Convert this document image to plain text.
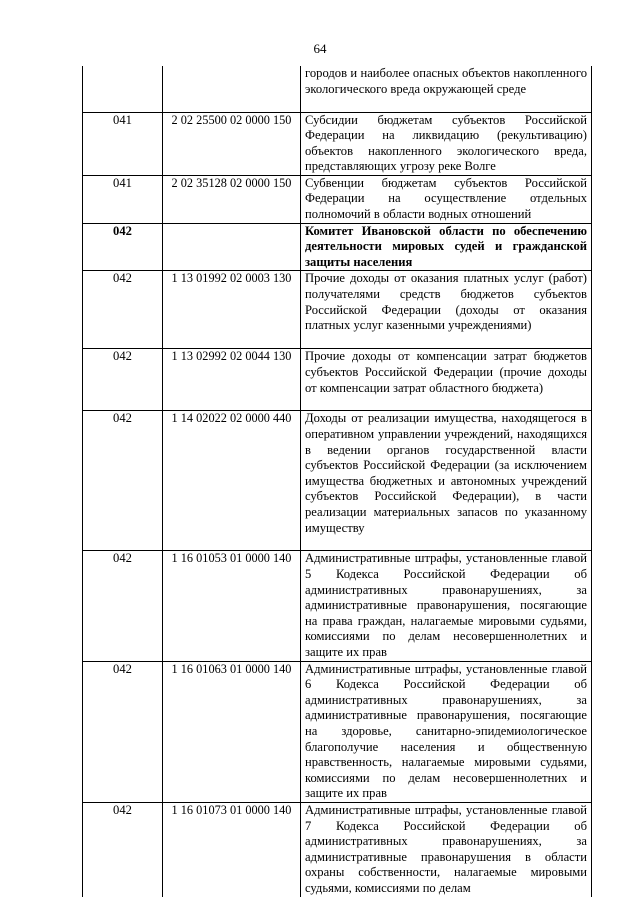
64
		городов и наиболее опасных объектов накопленного экологического вреда окружающей среде
041	2 02 25500 02 0000 150	Субсидии бюджетам субъектов Российской Федерации на ликвидацию (рекультивацию) объектов накопленного экологического вреда, представляющих угрозу реке Волге
041	2 02 35128 02 0000 150	Субвенции бюджетам субъектов Российской Федерации на осуществление отдельных полномочий в области водных отношений
042		Комитет Ивановской области по обеспечению деятельности мировых судей и гражданской защиты населения
042	1 13 01992 02 0003 130	Прочие доходы от оказания платных услуг (работ) получателями средств бюджетов субъектов Российской Федерации (доходы от оказания платных услуг казенными учреждениями)
042	1 13 02992 02 0044 130	Прочие доходы от компенсации затрат бюджетов субъектов Российской Федерации (прочие доходы от компенсации затрат областного бюджета)
042	1 14 02022 02 0000 440	Доходы от реализации имущества, находящегося в оперативном управлении учреждений, находящихся в ведении органов государственной власти субъектов Российской Федерации (за исключением имущества бюджетных и автономных учреждений субъектов Российской Федерации), в части реализации материальных запасов по указанному имуществу
042	1 16 01053 01 0000 140	Административные штрафы, установленные главой 5 Кодекса Российской Федерации об административных правонарушениях, за административные правонарушения, посягающие на права граждан, налагаемые мировыми судьями, комиссиями по делам несовершеннолетних и защите их прав
042	1 16 01063 01 0000 140	Административные штрафы, установленные главой 6 Кодекса Российской Федерации об административных правонарушениях, за административные правонарушения, посягающие на здоровье, санитарно-эпидемиологическое благополучие населения и общественную нравственность, налагаемые мировыми судьями, комиссиями по делам несовершеннолетних и защите их прав
042	1 16 01073 01 0000 140	Административные штрафы, установленные главой 7 Кодекса Российской Федерации об административных правонарушениях, за административные правонарушения в области охраны собственности, налагаемые мировыми судьями, комиссиями по делам
